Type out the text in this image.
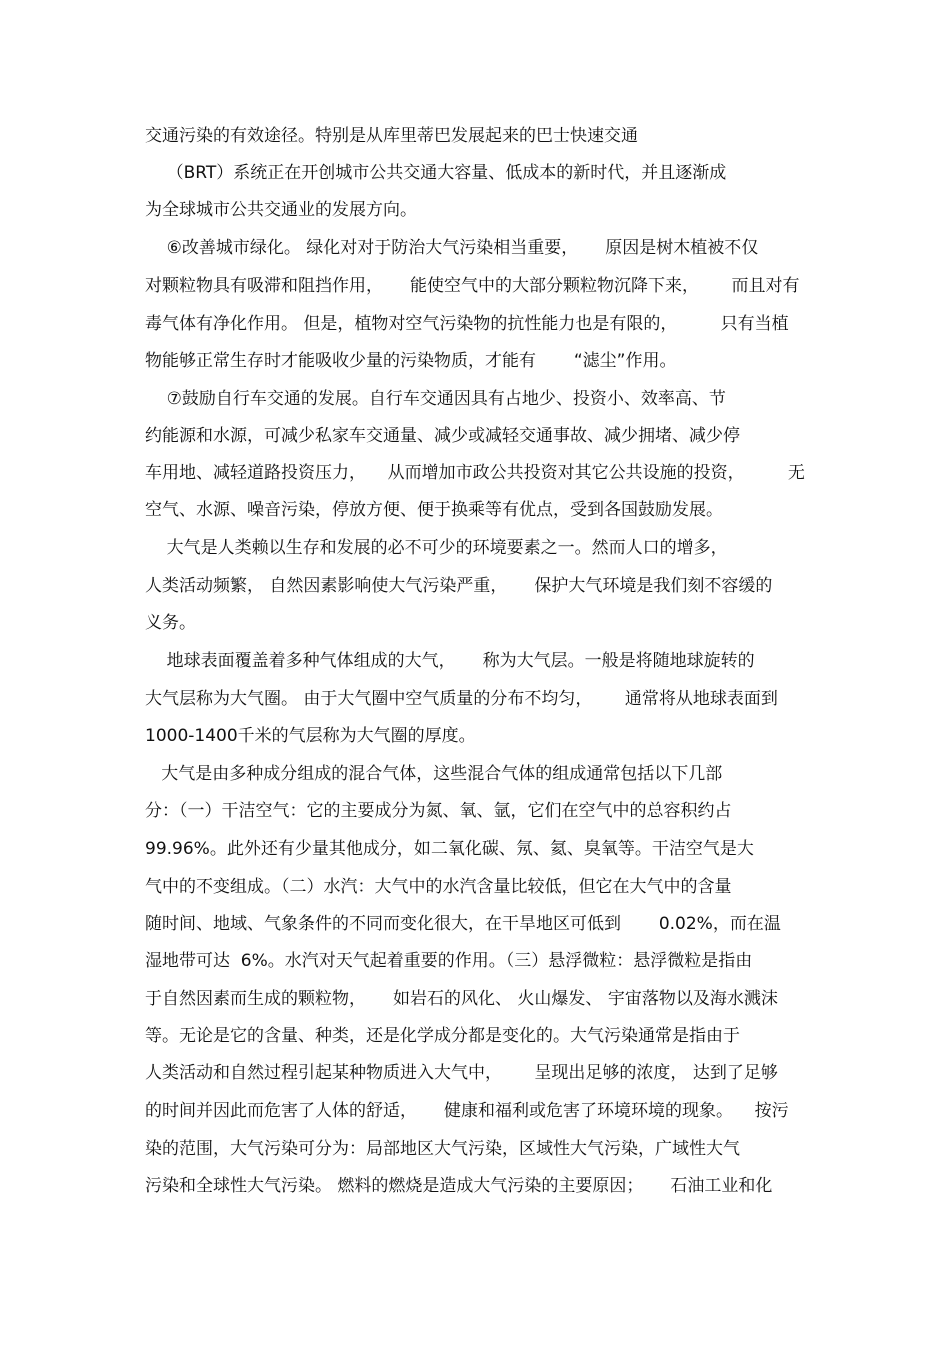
交通污染的有效途径。特别是从库里蒂巴发展起来的巴士快速交通
（BRT）系统正在开创城市公共交通大容量、低成本的新时代，并且逐渐成
为全球城市公共交通业的发展方向。
⑥改善城市绿化。 绿化对对于防治大气污染相当重要，     原因是树木植被不仅
对颗粒物具有吸滞和阻挡作用，     能使空气中的大部分颗粒物沉降下来，      而且对有
毒气体有净化作用。 但是，植物对空气污染物的抗性能力也是有限的，        只有当植
物能够正常生存时才能吸收少量的污染物质，才能有       “滤尘”作用。
⑦鼓励自行车交通的发展。自行车交通因具有占地少、投资小、效率高、节
约能源和水源，可减少私家车交通量、减少或减轻交通事故、减少拥堵、减少停
车用地、减轻道路投资压力，    从而增加市政公共投资对其它公共设施的投资，        无
空气、水源、噪音污染，停放方便、便于换乘等有优点，受到各国鼓励发展。
大气是人类赖以生存和发展的必不可少的环境要素之一。然而人口的增多，
人类活动频繁， 自然因素影响使大气污染严重，     保护大气环境是我们刻不容缓的
义务。
地球表面覆盖着多种气体组成的大气，     称为大气层。一般是将随地球旋转的
大气层称为大气圈。 由于大气圈中空气质量的分布不均匀，      通常将从地球表面到
1000-1400千米的气层称为大气圈的厚度。
大气是由多种成分组成的混合气体，这些混合气体的组成通常包括以下几部
分：（一）干洁空气：它的主要成分为氮、氧、氩，它们在空气中的总容积约占
99.96%。此外还有少量其他成分，如二氧化碳、氖、氦、臭氧等。干洁空气是大
气中的不变组成。（二）水汽：大气中的水汽含量比较低，但它在大气中的含量
随时间、地域、气象条件的不同而变化很大，在干旱地区可低到       0.02%，而在温
湿地带可达  6%。水汽对天气起着重要的作用。（三）悬浮微粒：悬浮微粒是指由
于自然因素而生成的颗粒物，     如岩石的风化、 火山爆发、 宇宙落物以及海水溅沫
等。无论是它的含量、种类，还是化学成分都是变化的。大气污染通常是指由于
人类活动和自然过程引起某种物质进入大气中，      呈现出足够的浓度， 达到了足够
的时间并因此而危害了人体的舒适，     健康和福利或危害了环境环境的现象。    按污
染的范围，大气污染可分为：局部地区大气污染，区域性大气污染，广域性大气
污染和全球性大气污染。 燃料的燃烧是造成大气污染的主要原因；     石油工业和化
